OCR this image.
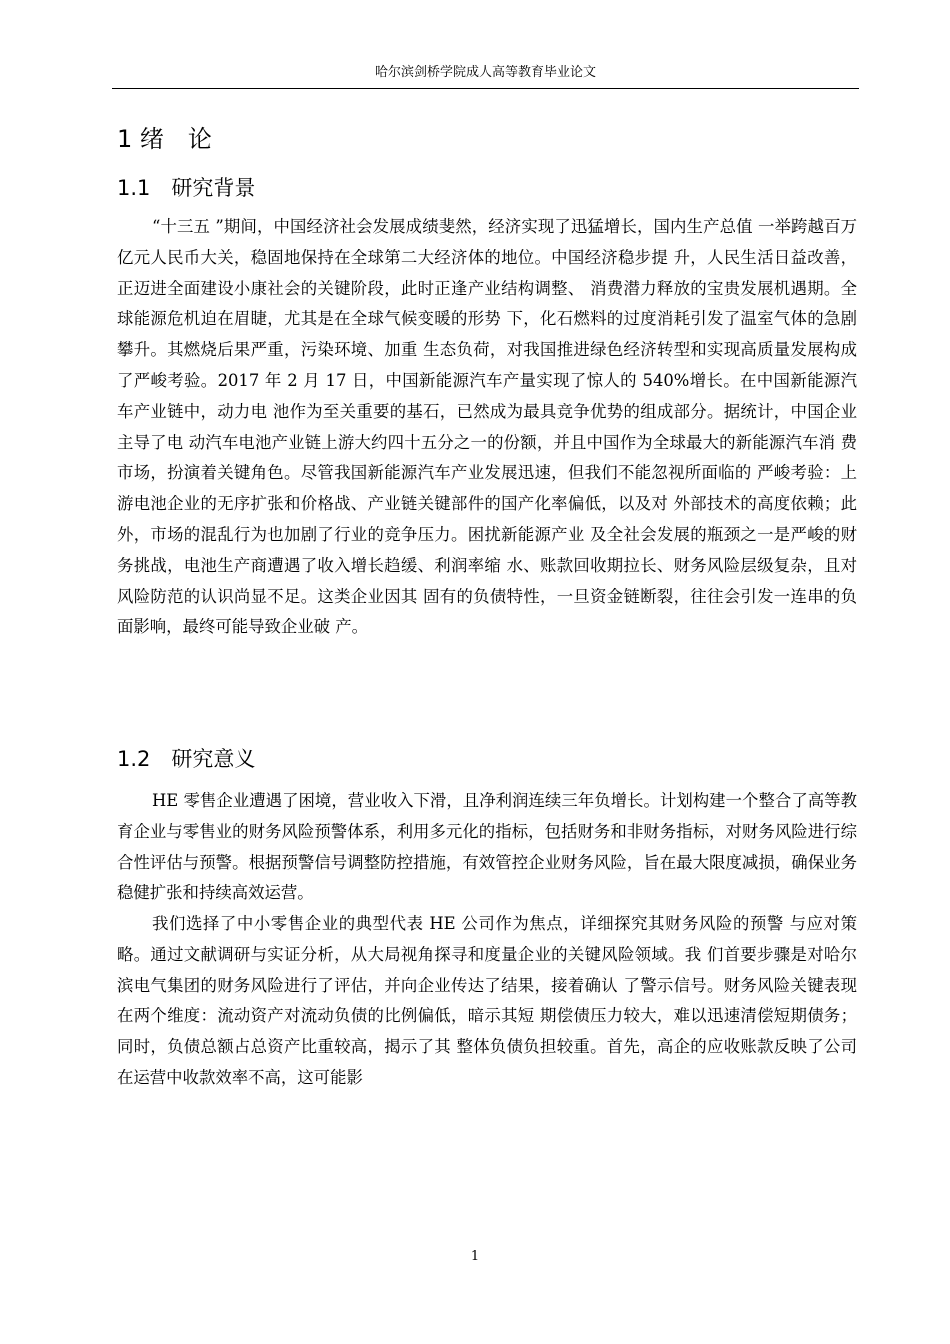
哈尔滨剑桥学院成人高等教育毕业论文
1 绪　论
1.1　研究背景

“十三五 ”期间，中国经济社会发展成绩斐然，经济实现了迅猛增长，国内生产总值 一举跨越百万亿元人民币大关，稳固地保持在全球第二大经济体的地位。中国经济稳步提 升，人民生活日益改善，正迈进全面建设小康社会的关键阶段，此时正逢产业结构调整、 消费潜力释放的宝贵发展机遇期。全球能源危机迫在眉睫，尤其是在全球气候变暖的形势 下，化石燃料的过度消耗引发了温室气体的急剧攀升。其燃烧后果严重，污染环境、加重 生态负荷，对我国推进绿色经济转型和实现高质量发展构成了严峻考验。2017 年 2 月 17 日，中国新能源汽车产量实现了惊人的 540%增长。在中国新能源汽车产业链中，动力电 池作为至关重要的基石，已然成为最具竞争优势的组成部分。据统计，中国企业主导了电 动汽车电池产业链上游大约四十五分之一的份额，并且中国作为全球最大的新能源汽车消 费市场，扮演着关键角色。尽管我国新能源汽车产业发展迅速，但我们不能忽视所面临的 严峻考验：上游电池企业的无序扩张和价格战、产业链关键部件的国产化率偏低，以及对 外部技术的高度依赖；此外，市场的混乱行为也加剧了行业的竞争压力。困扰新能源产业 及全社会发展的瓶颈之一是严峻的财务挑战，电池生产商遭遇了收入增长趋缓、利润率缩 水、账款回收期拉长、财务风险层级复杂，且对风险防范的认识尚显不足。这类企业因其 固有的负债特性，一旦资金链断裂，往往会引发一连串的负面影响，最终可能导致企业破 产。

1.2　研究意义

HE 零售企业遭遇了困境，营业收入下滑，且净利润连续三年负增长。计划构建一个整合了高等教育企业与零售业的财务风险预警体系，利用多元化的指标，包括财务和非财务指标，对财务风险进行综合性评估与预警。根据预警信号调整防控措施，有效管控企业财务风险，旨在最大限度减损，确保业务稳健扩张和持续高效运营。

我们选择了中小零售企业的典型代表 HE 公司作为焦点，详细探究其财务风险的预警 与应对策略。通过文献调研与实证分析，从大局视角探寻和度量企业的关键风险领域。我 们首要步骤是对哈尔滨电气集团的财务风险进行了评估，并向企业传达了结果，接着确认 了警示信号。财务风险关键表现在两个维度：流动资产对流动负债的比例偏低，暗示其短 期偿债压力较大，难以迅速清偿短期债务；同时，负债总额占总资产比重较高，揭示了其 整体负债负担较重。首先，高企的应收账款反映了公司在运营中收款效率不高，这可能影

1
